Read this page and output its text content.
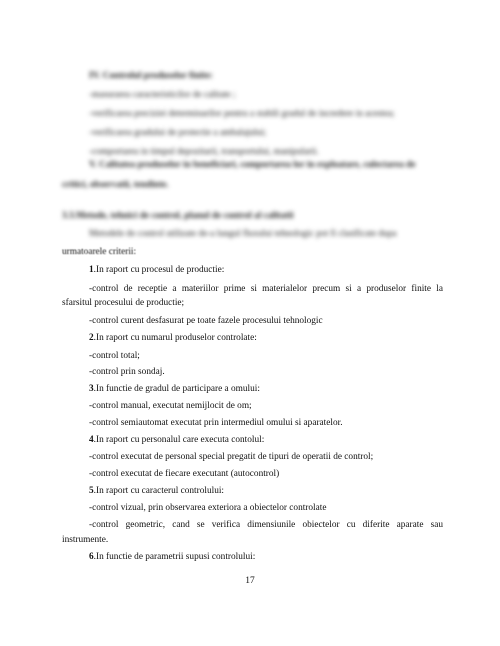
IV. Controlul produselor finite:
-masurarea caracteristicilor de calitate ;
-verificarea preciziei determinarilor pentru a stabili gradul de incredere in acestea;
-verificarea gradului de protectie a ambalajului;
-comportarea in timpul depozitarii, transportului, manipularii.
V. Calitatea produselor in beneficiari, comportarea lor in exploatare, culectarea de
critici, observatii, tendinte.
3.3.Metode, tehnici de control, planul de control al calitatii
Metodele de control utilizate de-a lungul fluxului tehnologic pot fi clasificate dupa
urmatoarele criterii:
1.In raport cu procesul de productie:
-control de receptie a materiilor prime si materialelor precum si a produselor finite la
sfarsitul procesului de productie;
-control curent desfasurat pe toate fazele procesului tehnologic
2.In raport cu numarul produselor controlate:
-control total;
-control prin sondaj.
3.In functie de gradul de participare a omului:
-control manual, executat nemijlocit de om;
-control semiautomat executat prin intermediul omului si aparatelor.
4.In raport cu personalul care executa contolul:
-control executat de personal special pregatit de tipuri de operatii de control;
-control executat de fiecare executant (autocontrol)
5.In raport cu caracterul controlului:
-control vizual, prin observarea exteriora a obiectelor controlate
-control geometric, cand se verifica dimensiunile obiectelor cu diferite aparate sau
instrumente.
6.In functie de parametrii supusi controlului:
17
